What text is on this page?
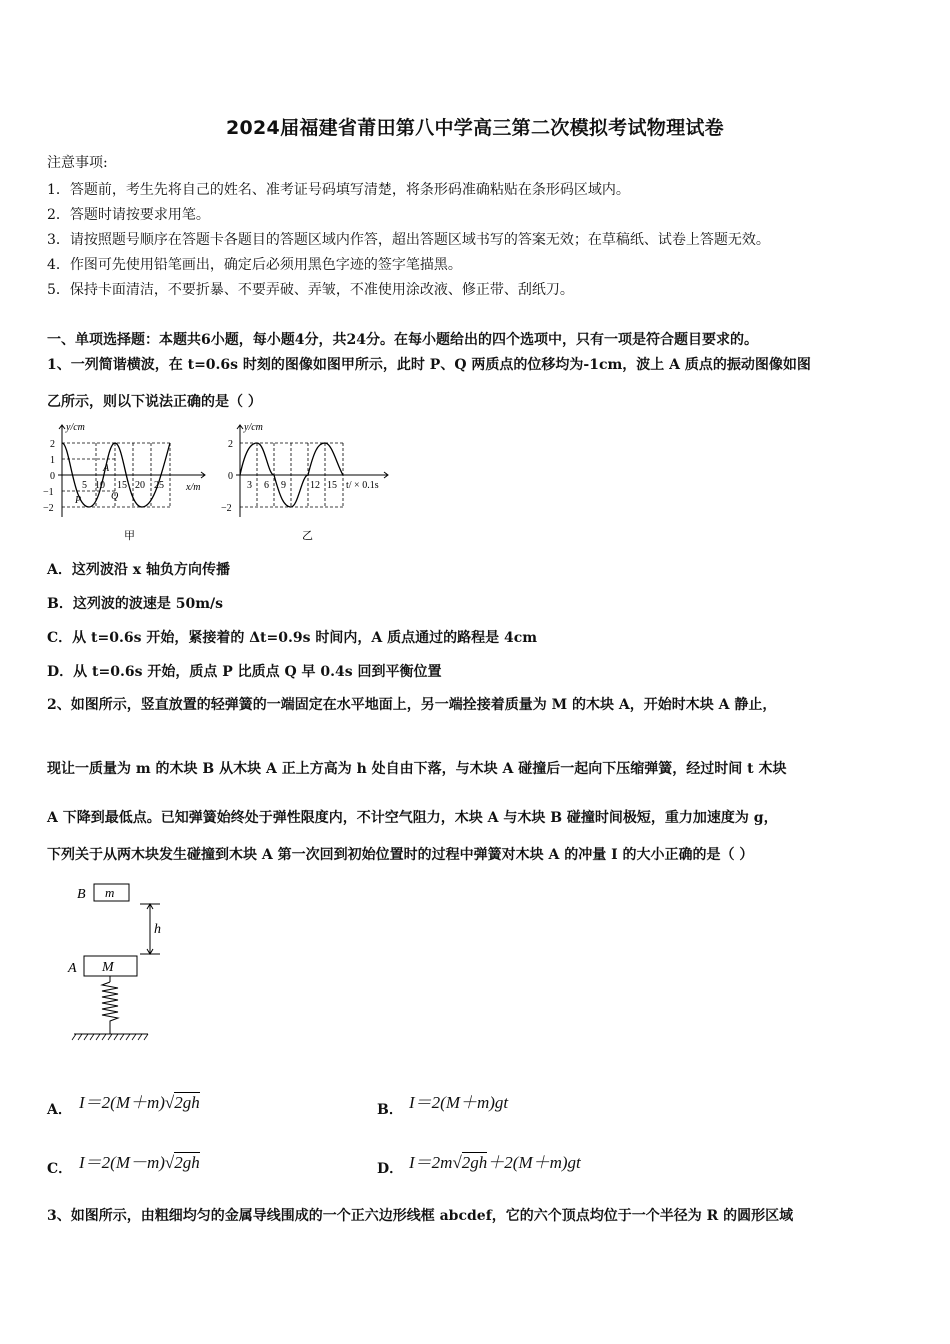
2024届福建省莆田第八中学高三第二次模拟考试物理试卷
注意事项:
1．答题前，考生先将自己的姓名、准考证号码填写清楚，将条形码准确粘贴在条形码区域内。
2．答题时请按要求用笔。
3．请按照题号顺序在答题卡各题目的答题区域内作答，超出答题区域书写的答案无效；在草稿纸、试卷上答题无效。
4．作图可先使用铅笔画出，确定后必须用黑色字迹的签字笔描黑。
5．保持卡面清洁，不要折暴、不要弄破、弄皱，不准使用涂改液、修正带、刮纸刀。
一、单项选择题：本题共6小题，每小题4分，共24分。在每小题给出的四个选项中，只有一项是符合题目要求的。
1、一列简谐横波，在 t=0.6s 时刻的图像如图甲所示，此时 P、Q 两质点的位移均为-1cm，波上 A 质点的振动图像如图
乙所示，则以下说法正确的是（ ）
y/cm
x/m
2
1
0
−1
−2
5 10 15 20 25
A
P	Q
甲
y/cm
t/ × 0.1s
2
0
−2
3 6 9 12 15
乙
A．这列波沿 x 轴负方向传播
B．这列波的波速是 50m/s
C．从 t=0.6s 开始，紧接着的 Δt=0.9s 时间内，A 质点通过的路程是 4cm
D．从 t=0.6s 开始，质点 P 比质点 Q 早 0.4s 回到平衡位置
2、如图所示，竖直放置的轻弹簧的一端固定在水平地面上，另一端拴接着质量为 M 的木块 A，开始时木块 A 静止，
现让一质量为 m 的木块 B 从木块 A 正上方高为 h 处自由下落，与木块 A 碰撞后一起向下压缩弹簧，经过时间 t 木块
A 下降到最低点。已知弹簧始终处于弹性限度内，不计空气阻力，木块 A 与木块 B 碰撞时间极短，重力加速度为 g，
下列关于从两木块发生碰撞到木块 A 第一次回到初始位置时的过程中弹簧对木块 A 的冲量 I 的大小正确的是（ ）
B m
h
A M
A． I＝2(M＋m)√2gh	B． I＝2(M＋m)gt
C． I＝2(M－m)√2gh	D． I＝2m√2gh＋2(M＋m)gt
3、如图所示，由粗细均匀的金属导线围成的一个正六边形线框 abcdef，它的六个顶点均位于一个半径为 R 的圆形区域
